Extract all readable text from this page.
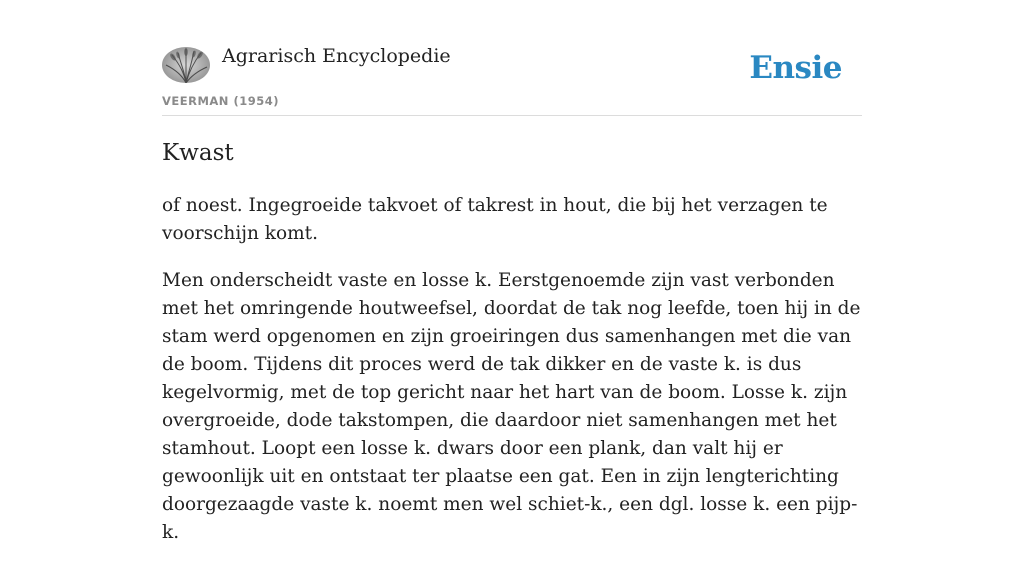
Agrarisch Encyclopedie
VEERMAN (1954)
Ensie
Kwast

of noest. Ingegroeide takvoet of takrest in hout, die bij het verzagen te voorschijn komt.

Men onderscheidt vaste en losse k. Eerstgenoemde zijn vast verbonden met het omringende houtweefsel, doordat de tak nog leefde, toen hij in de stam werd opgenomen en zijn groeiringen dus samenhangen met die van de boom. Tijdens dit proces werd de tak dikker en de vaste k. is dus kegelvormig, met de top gericht naar het hart van de boom. Losse k. zijn overgroeide, dode takstompen, die daardoor niet samenhangen met het stamhout. Loopt een losse k. dwars door een plank, dan valt hij er gewoonlijk uit en ontstaat ter plaatse een gat. Een in zijn lengterichting doorgezaagde vaste k. noemt men wel schiet-k., een dgl. losse k. een pijp-k.
